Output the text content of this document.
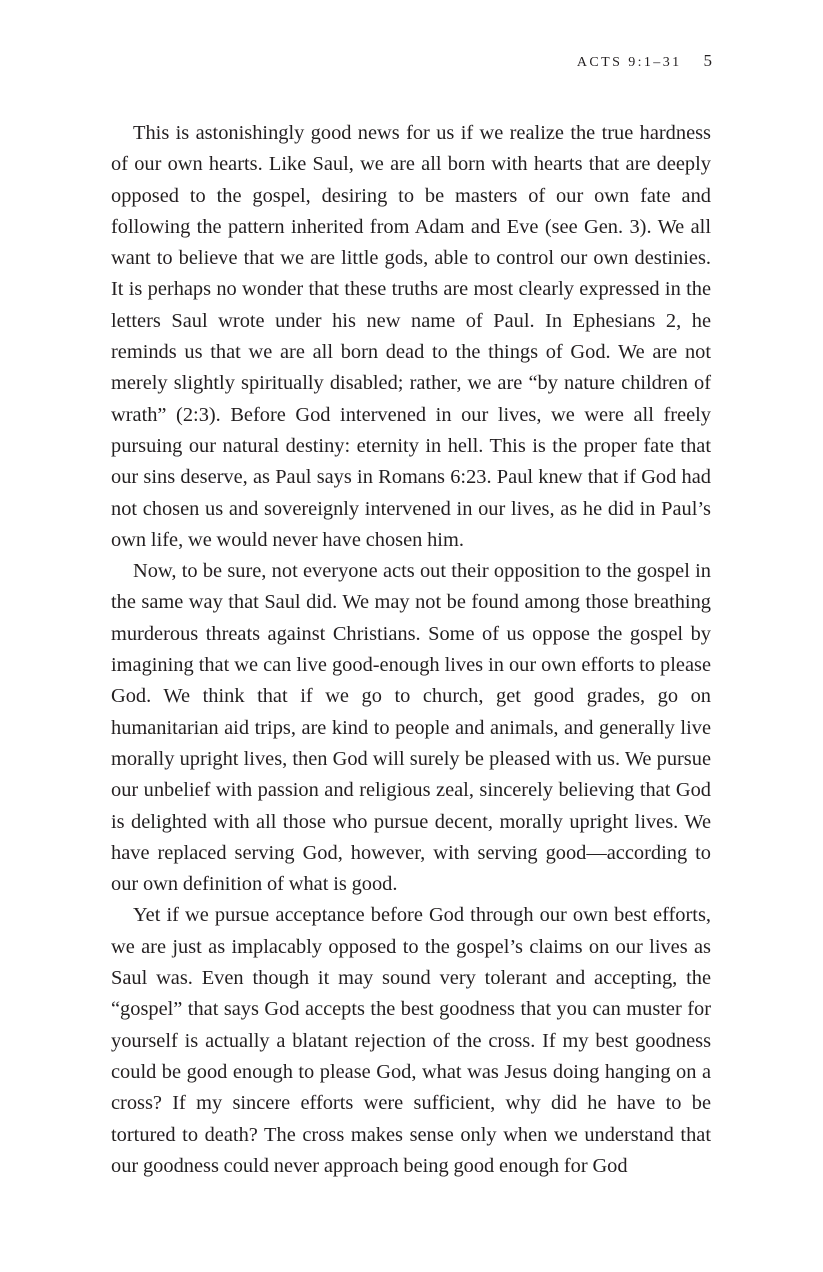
ACTS 9:1–31 5

This is astonishingly good news for us if we realize the true hardness of our own hearts. Like Saul, we are all born with hearts that are deeply opposed to the gospel, desiring to be masters of our own fate and following the pattern inherited from Adam and Eve (see Gen. 3). We all want to believe that we are little gods, able to control our own destinies. It is perhaps no wonder that these truths are most clearly expressed in the letters Saul wrote under his new name of Paul. In Ephesians 2, he reminds us that we are all born dead to the things of God. We are not merely slightly spiritually disabled; rather, we are “by nature children of wrath” (2:3). Before God intervened in our lives, we were all freely pursuing our natural destiny: eternity in hell. This is the proper fate that our sins deserve, as Paul says in Romans 6:23. Paul knew that if God had not chosen us and sovereignly intervened in our lives, as he did in Paul’s own life, we would never have chosen him.

Now, to be sure, not everyone acts out their opposition to the gospel in the same way that Saul did. We may not be found among those breathing murderous threats against Christians. Some of us oppose the gospel by imagining that we can live good-enough lives in our own efforts to please God. We think that if we go to church, get good grades, go on humanitarian aid trips, are kind to people and animals, and generally live morally upright lives, then God will surely be pleased with us. We pursue our unbelief with passion and religious zeal, sincerely believing that God is delighted with all those who pursue decent, morally upright lives. We have replaced serving God, however, with serving good—according to our own definition of what is good.

Yet if we pursue acceptance before God through our own best efforts, we are just as implacably opposed to the gospel’s claims on our lives as Saul was. Even though it may sound very tolerant and accepting, the “gospel” that says God accepts the best goodness that you can muster for yourself is actually a blatant rejection of the cross. If my best goodness could be good enough to please God, what was Jesus doing hanging on a cross? If my sincere efforts were sufficient, why did he have to be tortured to death? The cross makes sense only when we understand that our goodness could never approach being good enough for God
